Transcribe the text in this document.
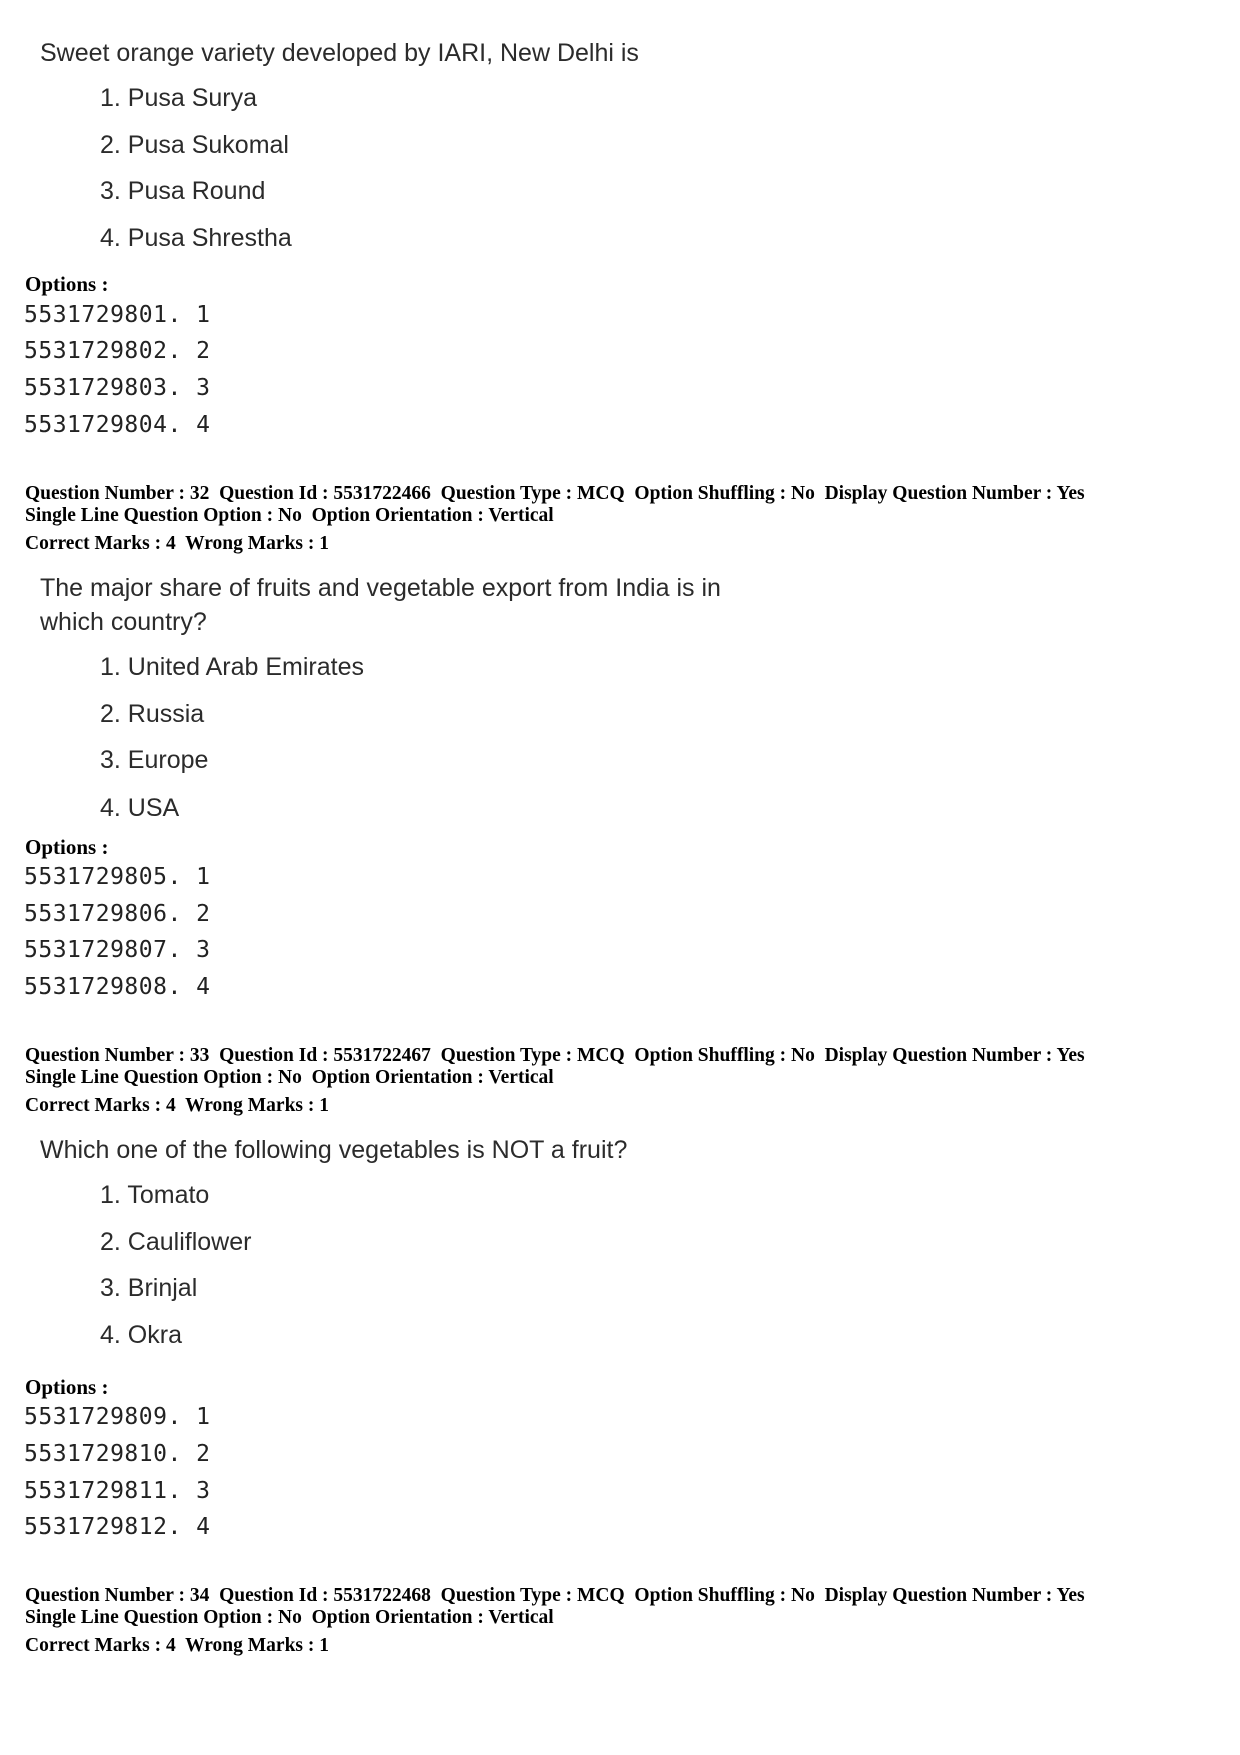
Sweet orange variety developed by IARI, New Delhi is
1. Pusa Surya
2. Pusa Sukomal
3. Pusa Round
4. Pusa Shrestha
Options :
5531729801. 1
5531729802. 2
5531729803. 3
5531729804. 4
Question Number : 32  Question Id : 5531722466  Question Type : MCQ  Option Shuffling : No  Display Question Number : Yes
Single Line Question Option : No  Option Orientation : Vertical
Correct Marks : 4  Wrong Marks : 1
The major share of fruits and vegetable export from India is in
which country?
1. United Arab Emirates
2. Russia
3. Europe
4. USA
Options :
5531729805. 1
5531729806. 2
5531729807. 3
5531729808. 4
Question Number : 33  Question Id : 5531722467  Question Type : MCQ  Option Shuffling : No  Display Question Number : Yes
Single Line Question Option : No  Option Orientation : Vertical
Correct Marks : 4  Wrong Marks : 1
Which one of the following vegetables is NOT a fruit?
1. Tomato
2. Cauliflower
3. Brinjal
4. Okra
Options :
5531729809. 1
5531729810. 2
5531729811. 3
5531729812. 4
Question Number : 34  Question Id : 5531722468  Question Type : MCQ  Option Shuffling : No  Display Question Number : Yes
Single Line Question Option : No  Option Orientation : Vertical
Correct Marks : 4  Wrong Marks : 1
